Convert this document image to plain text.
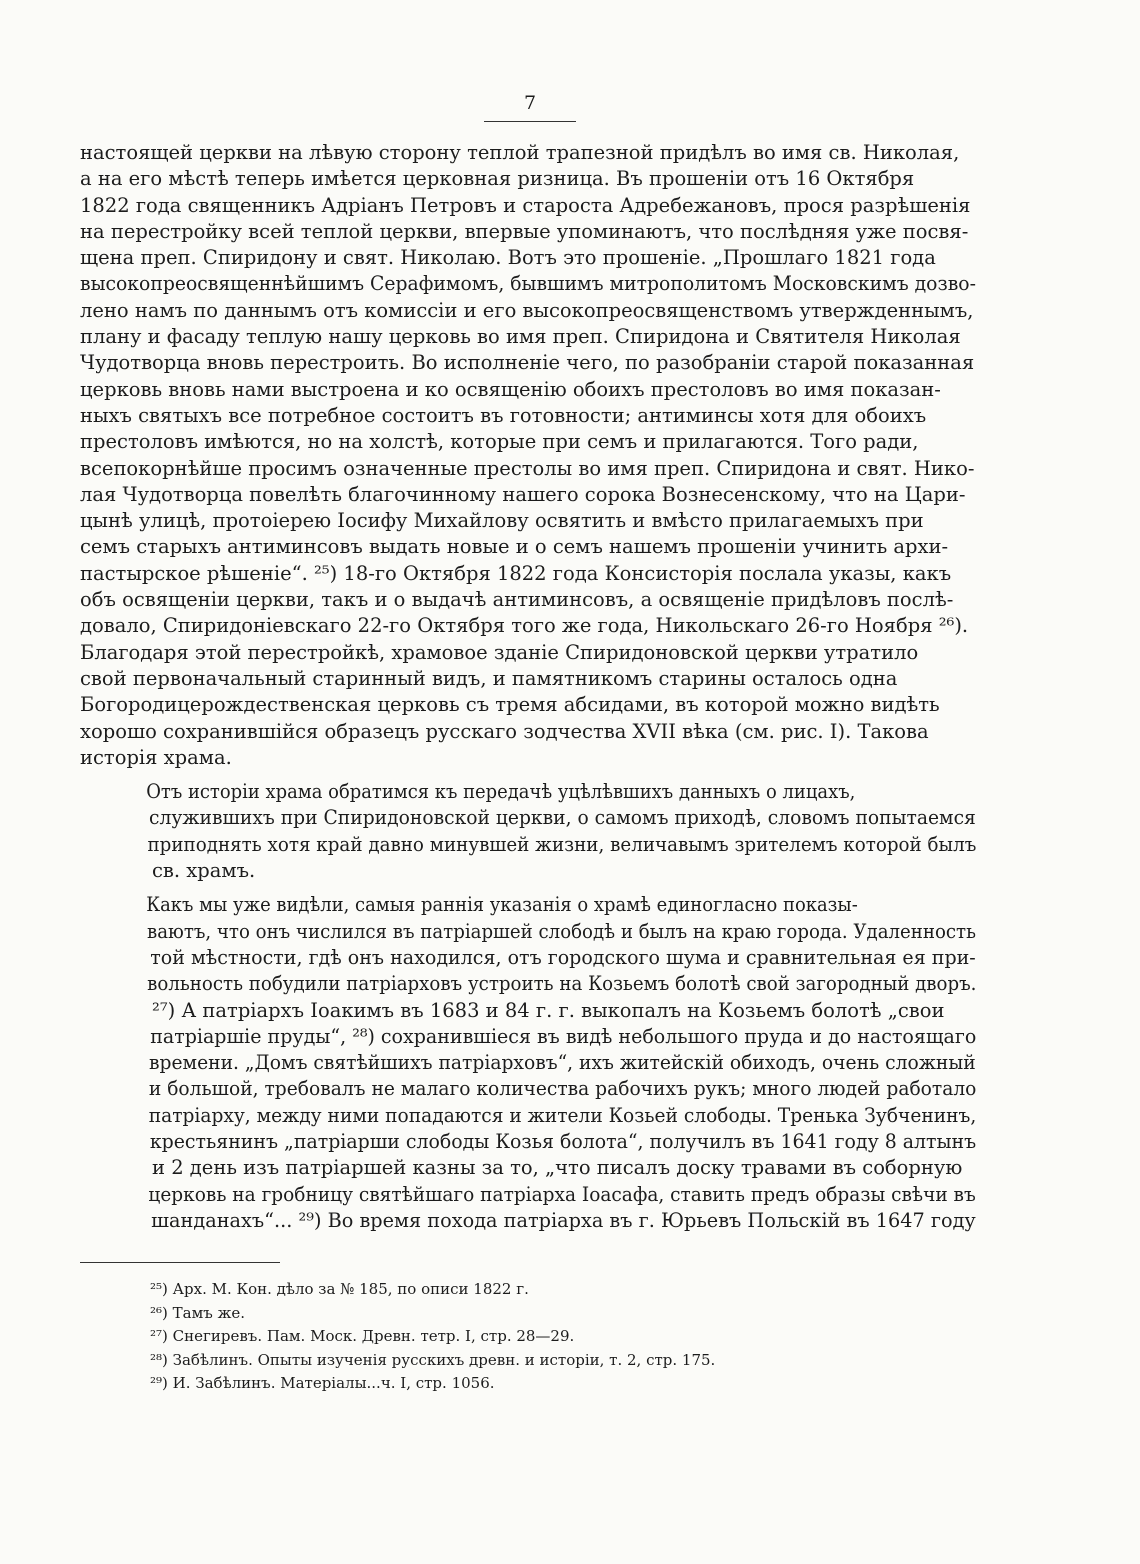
7

настоящей церкви на лѣвую сторону теплой трапезной придѣлъ во имя св. Николая,
а на его мѣстѣ теперь имѣется церковная ризница. Въ прошеніи отъ 16 Октября
1822 года священникъ Адріанъ Петровъ и староста Адребежановъ, прося разрѣшенія
на перестройку всей теплой церкви, впервые упоминаютъ, что послѣдняя уже посвя-
щена преп. Спиридону и свят. Николаю. Вотъ это прошеніе. „Прошлаго 1821 года
высокопреосвященнѣйшимъ Серафимомъ, бывшимъ митрополитомъ Московскимъ дозво-
лено намъ по даннымъ отъ комиссіи и его высокопреосвященствомъ утвержденнымъ,
плану и фасаду теплую нашу церковь во имя преп. Спиридона и Святителя Николая
Чудотворца вновь перестроить. Во исполненіе чего, по разобраніи старой показанная
церковь вновь нами выстроена и ко освященію обоихъ престоловъ во имя показан-
ныхъ святыхъ все потребное состоитъ въ готовности; антиминсы хотя для обоихъ
престоловъ имѣются, но на холстѣ, которые при семъ и прилагаются. Того ради,
всепокорнѣйше просимъ означенные престолы во имя преп. Спиридона и свят. Нико-
лая Чудотворца повелѣть благочинному нашего сорока Вознесенскому, что на Цари-
цынѣ улицѣ, протоіерею Іосифу Михайлову освятить и вмѣсто прилагаемыхъ при
семъ старыхъ антиминсовъ выдать новые и о семъ нашемъ прошеніи учинить архи-
пастырское рѣшеніе“. ²⁵) 18-го Октября 1822 года Консисторія послала указы, какъ
объ освященіи церкви, такъ и о выдачѣ антиминсовъ, а освященіе придѣловъ послѣ-
довало, Спиридоніевскаго 22-го Октября того же года, Никольскаго 26-го Ноября ²⁶).
Благодаря этой перестройкѣ, храмовое зданіе Спиридоновской церкви утратило
свой первоначальный старинный видъ, и памятникомъ старины осталось одна
Богородицерождественская церковь съ тремя абсидами, въ которой можно видѣть
хорошо сохранившійся образецъ русскаго зодчества XVII вѣка (см. рис. I). Такова
исторія храма.

Отъ исторіи храма обратимся къ передачѣ уцѣлѣвшихъ данныхъ о лицахъ,
служившихъ при Спиридоновской церкви, о самомъ приходѣ, словомъ попытаемся
приподнять хотя край давно минувшей жизни, величавымъ зрителемъ которой былъ
св. храмъ.

Какъ мы уже видѣли, самыя раннія указанія о храмѣ единогласно показы-
ваютъ, что онъ числился въ патріаршей слободѣ и былъ на краю города. Удаленность
той мѣстности, гдѣ онъ находился, отъ городского шума и сравнительная ея при-
вольность побудили патріарховъ устроить на Козьемъ болотѣ свой загородный дворъ.
²⁷) А патріархъ Іоакимъ въ 1683 и 84 г. г. выкопалъ на Козьемъ болотѣ „свои
патріаршіе пруды“, ²⁸) сохранившіеся въ видѣ небольшого пруда и до настоящаго
времени. „Домъ святѣйшихъ патріарховъ“, ихъ житейскій обиходъ, очень сложный
и большой, требовалъ не малаго количества рабочихъ рукъ; много людей работало
патріарху, между ними попадаются и жители Козьей слободы. Тренька Зубченинъ,
крестьянинъ „патріарши слободы Козья болота“, получилъ въ 1641 году 8 алтынъ
и 2 день изъ патріаршей казны за то, „что писалъ доску травами въ соборную
церковь на гробницу святѣйшаго патріарха Іоасафа, ставить предъ образы свѣчи въ
шанданахъ“... ²⁹) Во время похода патріарха въ г. Юрьевъ Польскій въ 1647 году

²⁵) Арх. М. Кон. дѣло за № 185, по описи 1822 г.
²⁶) Тамъ же.
²⁷) Снегиревъ. Пам. Моск. Древн. тетр. I, стр. 28—29.
²⁸) Забѣлинъ. Опыты изученія русскихъ древн. и исторіи, т. 2, стр. 175.
²⁹) И. Забѣлинъ. Матеріалы...ч. I, стр. 1056.
